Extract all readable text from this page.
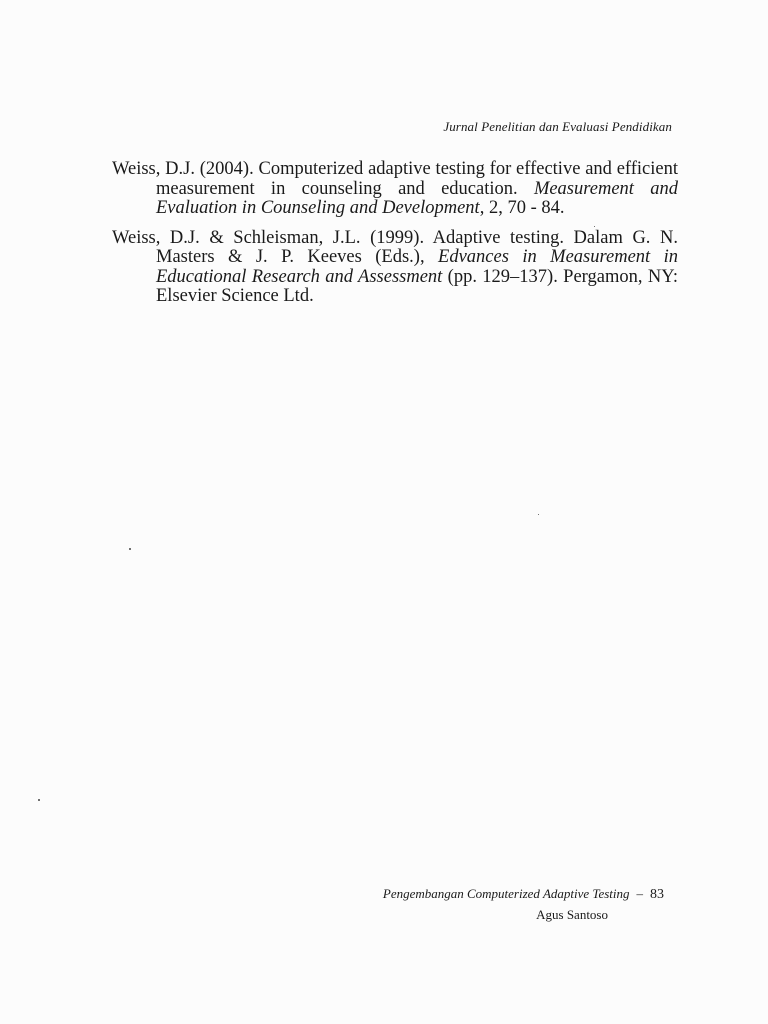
Jurnal Penelitian dan Evaluasi Pendidikan

Weiss, D.J. (2004). Computerized adaptive testing for effective and efficient measurement in counseling and education. Measurement and Evaluation in Counseling and Development, 2, 70 - 84.

Weiss, D.J. & Schleisman, J.L. (1999). Adaptive testing. Dalam G. N. Masters & J. P. Keeves (Eds.), Edvances in Measurement in Educational Research and Assessment (pp. 129–137). Pergamon, NY: Elsevier Science Ltd.

Pengembangan Computerized Adaptive Testing – 83
Agus Santoso
